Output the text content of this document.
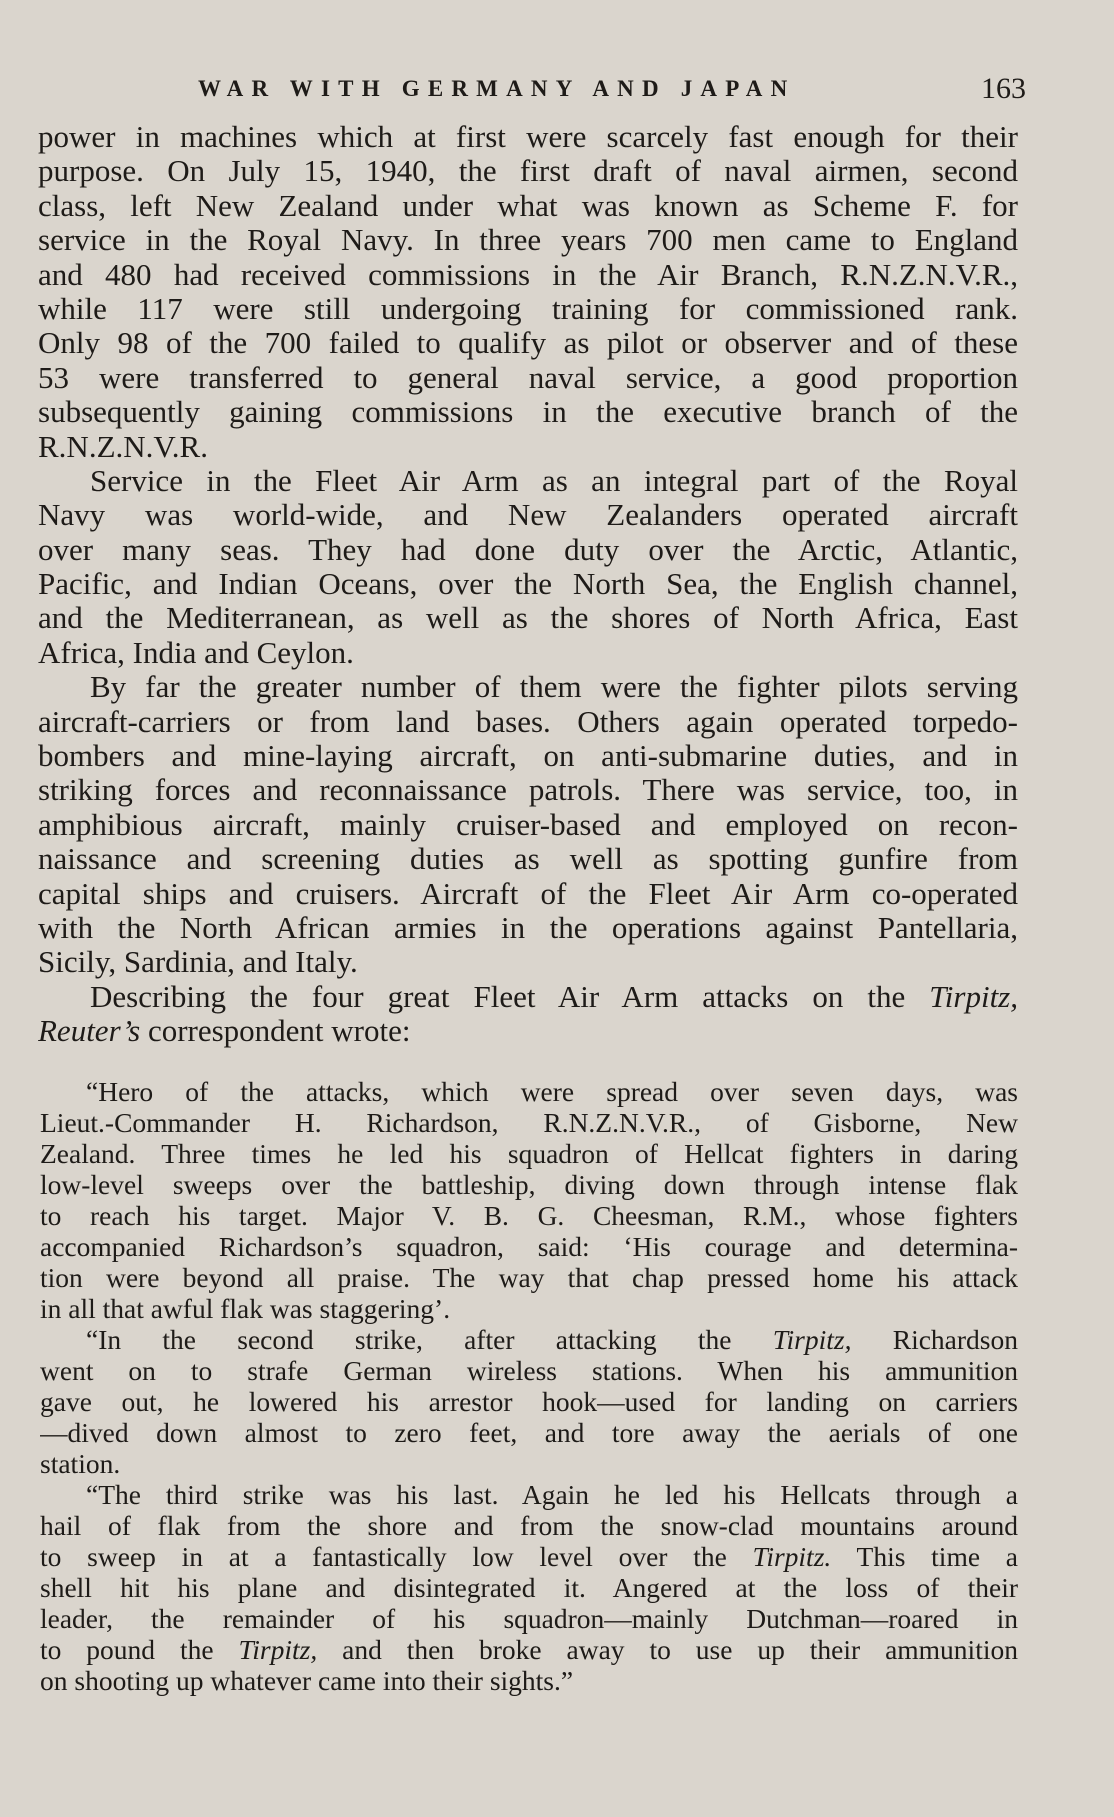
WAR WITH GERMANY AND JAPAN	163
power in machines which at first were scarcely fast enough for their
purpose. On July 15, 1940, the first draft of naval airmen, second
class, left New Zealand under what was known as Scheme F. for
service in the Royal Navy. In three years 700 men came to England
and 480 had received commissions in the Air Branch, R.N.Z.N.V.R.,
while 117 were still undergoing training for commissioned rank.
Only 98 of the 700 failed to qualify as pilot or observer and of these
53 were transferred to general naval service, a good proportion
subsequently gaining commissions in the executive branch of the
R.N.Z.N.V.R.
Service in the Fleet Air Arm as an integral part of the Royal
Navy was world-wide, and New Zealanders operated aircraft
over many seas. They had done duty over the Arctic, Atlantic,
Pacific, and Indian Oceans, over the North Sea, the English channel,
and the Mediterranean, as well as the shores of North Africa, East
Africa, India and Ceylon.
By far the greater number of them were the fighter pilots serving
aircraft-carriers or from land bases. Others again operated torpedo-
bombers and mine-laying aircraft, on anti-submarine duties, and in
striking forces and reconnaissance patrols. There was service, too, in
amphibious aircraft, mainly cruiser-based and employed on recon-
naissance and screening duties as well as spotting gunfire from
capital ships and cruisers. Aircraft of the Fleet Air Arm co-operated
with the North African armies in the operations against Pantellaria,
Sicily, Sardinia, and Italy.
Describing the four great Fleet Air Arm attacks on the Tirpitz,
Reuter’s correspondent wrote:
“Hero of the attacks, which were spread over seven days, was
Lieut.-Commander H. Richardson, R.N.Z.N.V.R., of Gisborne, New
Zealand. Three times he led his squadron of Hellcat fighters in daring
low-level sweeps over the battleship, diving down through intense flak
to reach his target. Major V. B. G. Cheesman, R.M., whose fighters
accompanied Richardson’s squadron, said: ‘His courage and determina-
tion were beyond all praise. The way that chap pressed home his attack
in all that awful flak was staggering’.
“In the second strike, after attacking the Tirpitz, Richardson
went on to strafe German wireless stations. When his ammunition
gave out, he lowered his arrestor hook—used for landing on carriers
—dived down almost to zero feet, and tore away the aerials of one
station.
“The third strike was his last. Again he led his Hellcats through a
hail of flak from the shore and from the snow-clad mountains around
to sweep in at a fantastically low level over the Tirpitz. This time a
shell hit his plane and disintegrated it. Angered at the loss of their
leader, the remainder of his squadron—mainly Dutchman—roared in
to pound the Tirpitz, and then broke away to use up their ammunition
on shooting up whatever came into their sights.”
